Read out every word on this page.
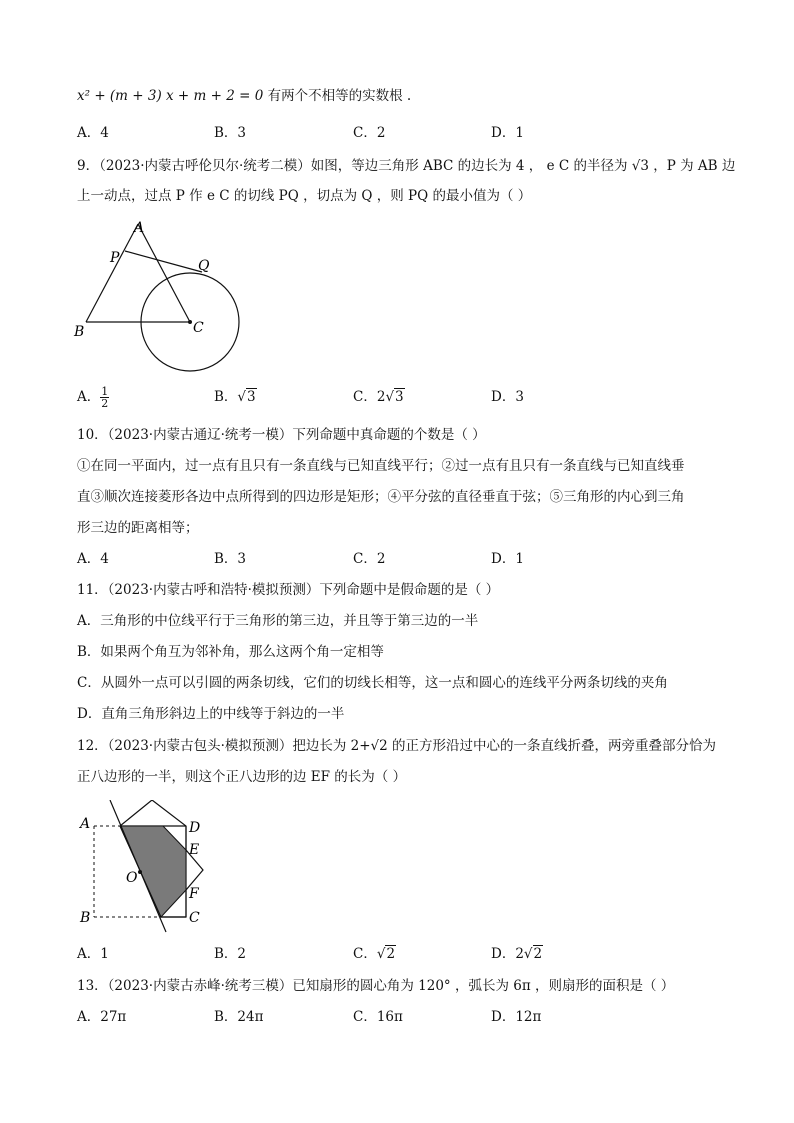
x² + (m + 3) x + m + 2 = 0 有两个不相等的实数根 .
A．4	B．3	C．2	D．1
9．（2023·内蒙古呼伦贝尔·统考二模）如图，等边三角形 ABC 的边长为 4 ， e C 的半径为 √3 ，P 为 AB 边
上一动点，过点 P 作 e C 的切线 PQ ，切点为 Q ，则 PQ 的最小值为（ ）
A
P	Q
B	C
A． $\frac{1}{2}$	B．√3	C．2√3	D．3
10．（2023·内蒙古通辽·统考一模）下列命题中真命题的个数是（ ）
①在同一平面内，过一点有且只有一条直线与已知直线平行；②过一点有且只有一条直线与已知直线垂
直③顺次连接菱形各边中点所得到的四边形是矩形；④平分弦的直径垂直于弦；⑤三角形的内心到三角
形三边的距离相等；
A．4	B．3	C．2	D．1
11．（2023·内蒙古呼和浩特·模拟预测）下列命题中是假命题的是（ ）
A．三角形的中位线平行于三角形的第三边，并且等于第三边的一半
B．如果两个角互为邻补角，那么这两个角一定相等
C．从圆外一点可以引圆的两条切线，它们的切线长相等，这一点和圆心的连线平分两条切线的夹角
D．直角三角形斜边上的中线等于斜边的一半
12．（2023·内蒙古包头·模拟预测）把边长为 2+√2 的正方形沿过中心的一条直线折叠，两旁重叠部分恰为
正八边形的一半，则这个正八边形的边 EF 的长为（ ）
A	D
E
O
F
B	C
A．1	B．2	C．√2	D．2√2
13．（2023·内蒙古赤峰·统考三模）已知扇形的圆心角为 120° ，弧长为 6π ，则扇形的面积是（ ）
A．27π	B．24π	C．16π	D．12π
